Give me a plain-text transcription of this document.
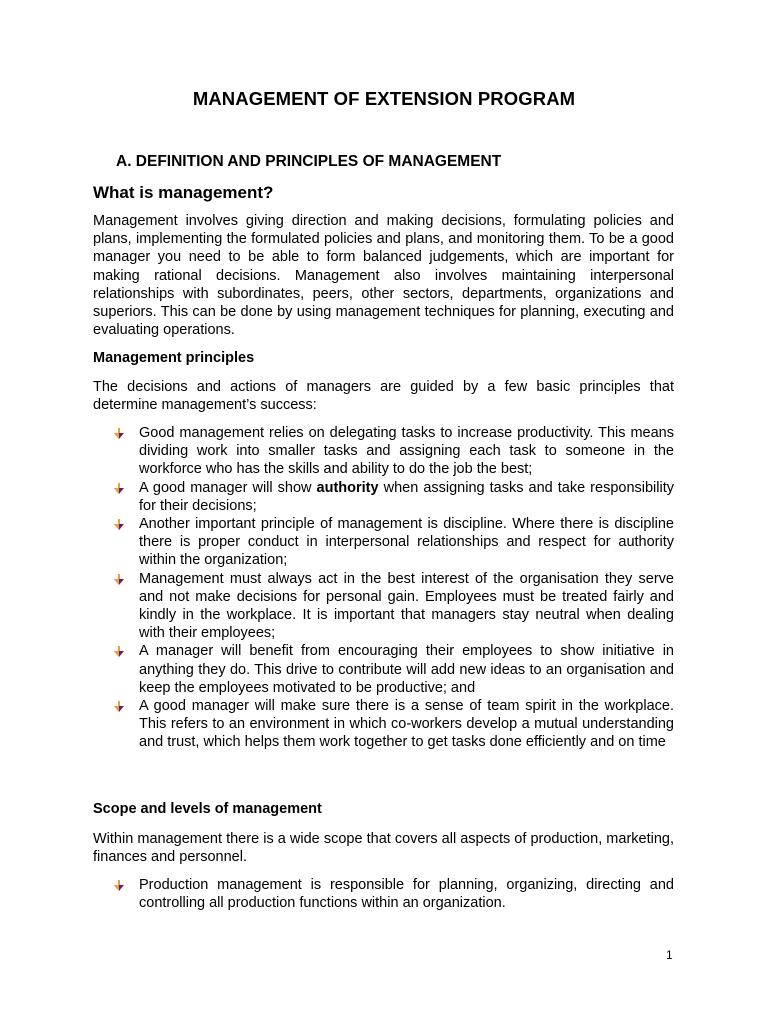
MANAGEMENT OF EXTENSION PROGRAM
A. DEFINITION AND PRINCIPLES OF MANAGEMENT
What is management?
Management involves giving direction and making decisions, formulating policies and plans, implementing the formulated policies and plans, and monitoring them. To be a good manager you need to be able to form balanced judgements, which are important for making rational decisions. Management also involves maintaining interpersonal relationships with subordinates, peers, other sectors, departments, organizations and superiors. This can be done by using management techniques for planning, executing and evaluating operations.
Management principles
The decisions and actions of managers are guided by a few basic principles that determine management’s success:
Good management relies on delegating tasks to increase productivity. This means dividing work into smaller tasks and assigning each task to someone in the workforce who has the skills and ability to do the job the best;
A good manager will show authority when assigning tasks and take responsibility for their decisions;
Another important principle of management is discipline. Where there is discipline there is proper conduct in interpersonal relationships and respect for authority within the organization;
Management must always act in the best interest of the organisation they serve and not make decisions for personal gain. Employees must be treated fairly and kindly in the workplace. It is important that managers stay neutral when dealing with their employees;
A manager will benefit from encouraging their employees to show initiative in anything they do. This drive to contribute will add new ideas to an organisation and keep the employees motivated to be productive; and
A good manager will make sure there is a sense of team spirit in the workplace. This refers to an environment in which co-workers develop a mutual understanding and trust, which helps them work together to get tasks done efficiently and on time
Scope and levels of management
Within management there is a wide scope that covers all aspects of production, marketing, finances and personnel.
Production management is responsible for planning, organizing, directing and controlling all production functions within an organization.
1
